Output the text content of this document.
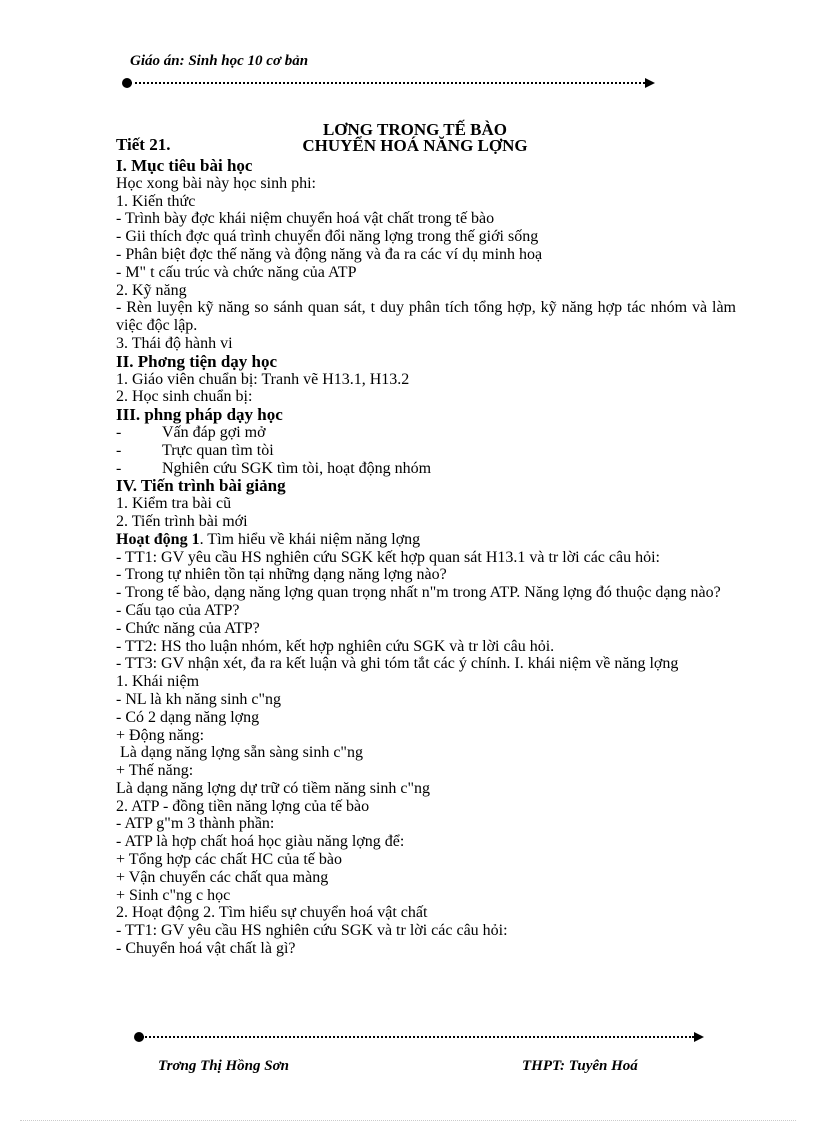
Giáo án: Sinh học 10 cơ bản
LƠNG TRONG TẾ BÀO
CHUYỂN HOÁ NĂNG LỢNG
Tiết 21.

I. Mục tiêu bài học

Học xong bài này học sinh phi:

1. Kiến thức

- Trình bày đợc khái niệm chuyển hoá vật chất trong tế bào

- Gii thích đợc quá trình chuyển đổi năng lợng trong thế giới sống

- Phân biệt đợc thế năng và động năng và đa ra các ví dụ minh hoạ

- M" t cấu trúc và chức năng của ATP

2. Kỹ năng

- Rèn luyện kỹ năng so sánh quan sát, t duy phân tích tổng hợp, kỹ năng hợp tác nhóm và làm việc độc lập.

3. Thái độ hành vi

II. Phơng tiện dạy học

1. Giáo viên chuẩn bị: Tranh vẽ H13.1, H13.2

2. Học sinh chuẩn bị:

III. phng pháp dạy học

-	Vấn đáp gợi mở

-	Trực quan tìm tòi

-	Nghiên cứu SGK tìm tòi, hoạt động nhóm

IV. Tiến trình bài giảng

1. Kiểm tra bài cũ

2. Tiến trình bài mới

Hoạt động 1. Tìm hiểu về khái niệm năng lợng

- TT1: GV yêu cầu HS nghiên cứu SGK kết hợp quan sát H13.1 và tr lời các câu hỏi:

- Trong tự nhiên tồn tại những dạng năng lợng nào?

- Trong tế bào, dạng năng lợng quan trọng nhất n"m trong ATP. Năng lợng đó thuộc dạng nào?

- Cấu tạo của ATP?

- Chức năng của ATP?

- TT2: HS tho luận nhóm, kết hợp nghiên cứu SGK và tr lời câu hỏi.

- TT3: GV nhận xét, đa ra kết luận và ghi tóm tắt các ý chính. I. khái niệm về năng lợng

1. Khái niệm

- NL là kh năng sinh c"ng

- Có 2 dạng năng lợng

+ Động năng:

Là dạng năng lợng sẵn sàng sinh c"ng

+ Thế năng:

Là dạng năng lợng dự trữ có tiềm năng sinh c"ng

2. ATP - đồng tiền năng lợng của tế bào

- ATP g"m 3 thành phần:

- ATP là hợp chất hoá học giàu năng lợng để:

+ Tổng hợp các chất HC của tế bào

+ Vận chuyển các chất qua màng

+ Sinh c"ng c học

2. Hoạt động 2. Tìm hiểu sự chuyển hoá vật chất

- TT1: GV yêu cầu HS nghiên cứu SGK và tr lời các câu hỏi:

- Chuyển hoá vật chất là gì?

Trơng Thị Hồng Sơn	THPT: Tuyên Hoá
